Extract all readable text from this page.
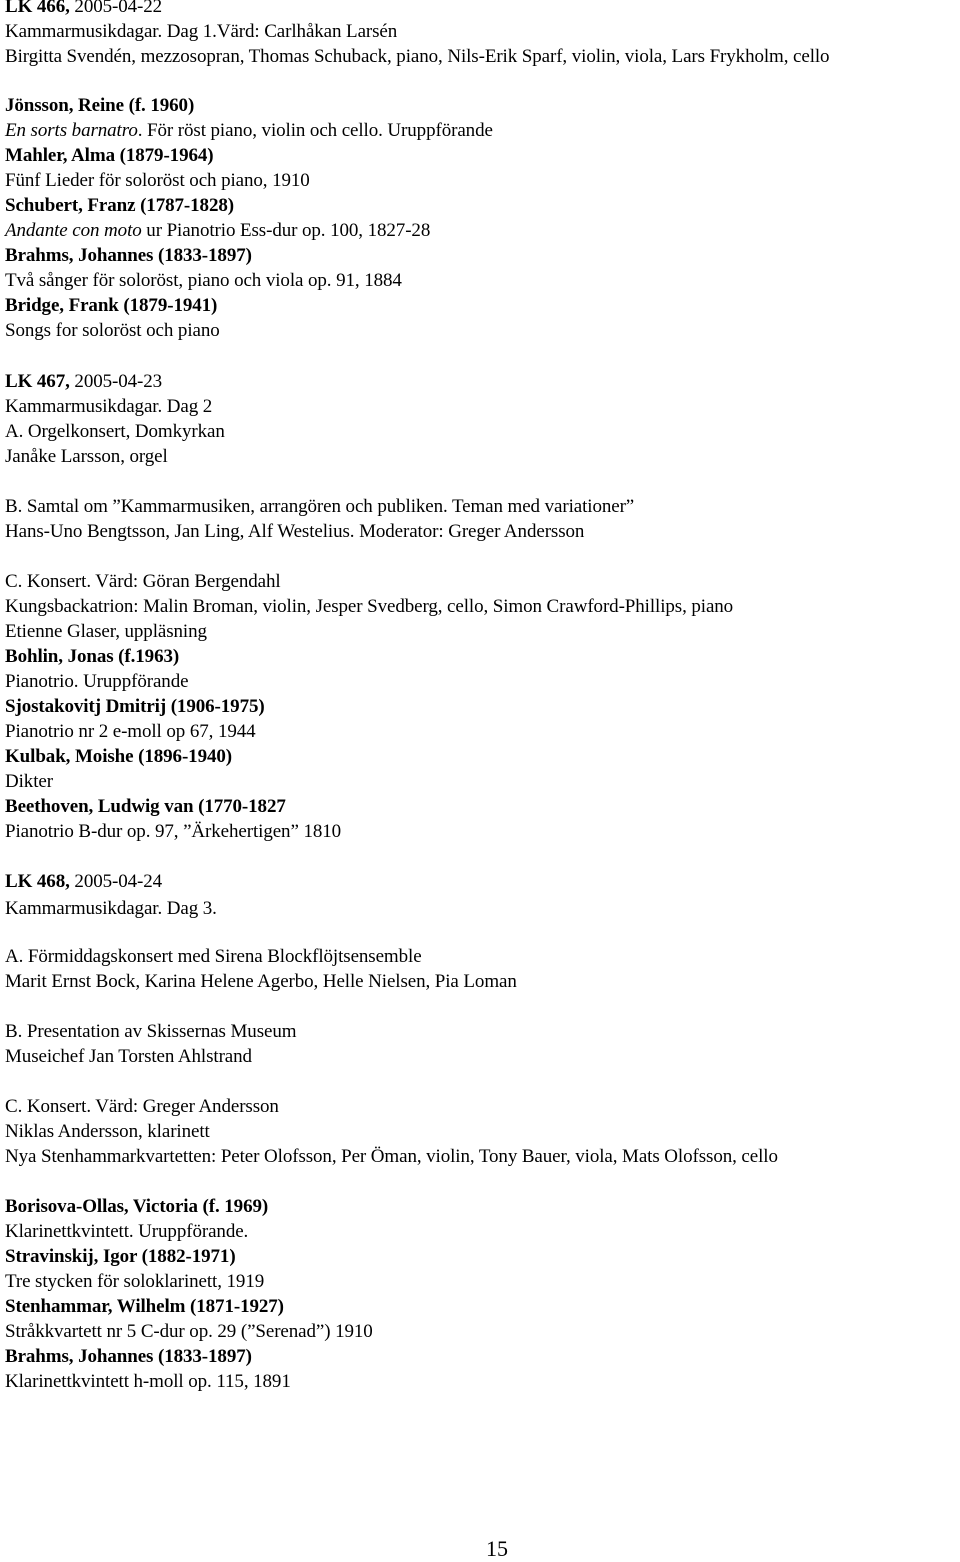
LK 466, 2005-04-22
Kammarmusikdagar. Dag 1.Värd: Carlhåkan Larsén
Birgitta Svendén, mezzosopran, Thomas Schuback, piano, Nils-Erik Sparf, violin, viola, Lars Frykholm, cello
Jönsson, Reine (f. 1960)
En sorts barnatro. För röst piano, violin och cello. Uruppförande
Mahler, Alma (1879-1964)
Fünf Lieder för soloröst och piano, 1910
Schubert, Franz (1787-1828)
Andante con moto ur Pianotrio Ess-dur op. 100, 1827-28
Brahms, Johannes (1833-1897)
Två sånger för soloröst, piano och viola op. 91, 1884
Bridge, Frank (1879-1941)
Songs for soloröst och piano
LK 467, 2005-04-23
Kammarmusikdagar. Dag 2
A. Orgelkonsert, Domkyrkan
Janåke Larsson, orgel
B. Samtal om ”Kammarmusiken, arrangören och publiken. Teman med variationer”
Hans-Uno Bengtsson, Jan Ling, Alf Westelius. Moderator: Greger Andersson
C. Konsert. Värd: Göran Bergendahl
Kungsbackatrion: Malin Broman, violin, Jesper Svedberg, cello, Simon Crawford-Phillips, piano
Etienne Glaser, uppläsning
Bohlin, Jonas (f.1963)
Pianotrio. Uruppförande
Sjostakovitj Dmitrij (1906-1975)
Pianotrio nr 2 e-moll op 67, 1944
Kulbak, Moishe (1896-1940)
Dikter
Beethoven, Ludwig van (1770-1827
Pianotrio B-dur op. 97, ”Ärkehertigen” 1810
LK 468, 2005-04-24
Kammarmusikdagar. Dag 3.
A. Förmiddagskonsert med Sirena Blockflöjtsensemble
Marit Ernst Bock, Karina Helene Agerbo, Helle Nielsen, Pia Loman
B. Presentation av Skissernas Museum
Museichef Jan Torsten Ahlstrand
C. Konsert. Värd: Greger Andersson
Niklas Andersson, klarinett
Nya Stenhammarkvartetten: Peter Olofsson, Per Öman, violin, Tony Bauer, viola, Mats Olofsson, cello
Borisova-Ollas, Victoria (f. 1969)
Klarinettkvintett. Uruppförande.
Stravinskij, Igor (1882-1971)
Tre stycken för soloklarinett, 1919
Stenhammar, Wilhelm (1871-1927)
Stråkkvartett nr 5 C-dur op. 29 (”Serenad”) 1910
Brahms, Johannes (1833-1897)
Klarinettkvintett h-moll op. 115, 1891
15
